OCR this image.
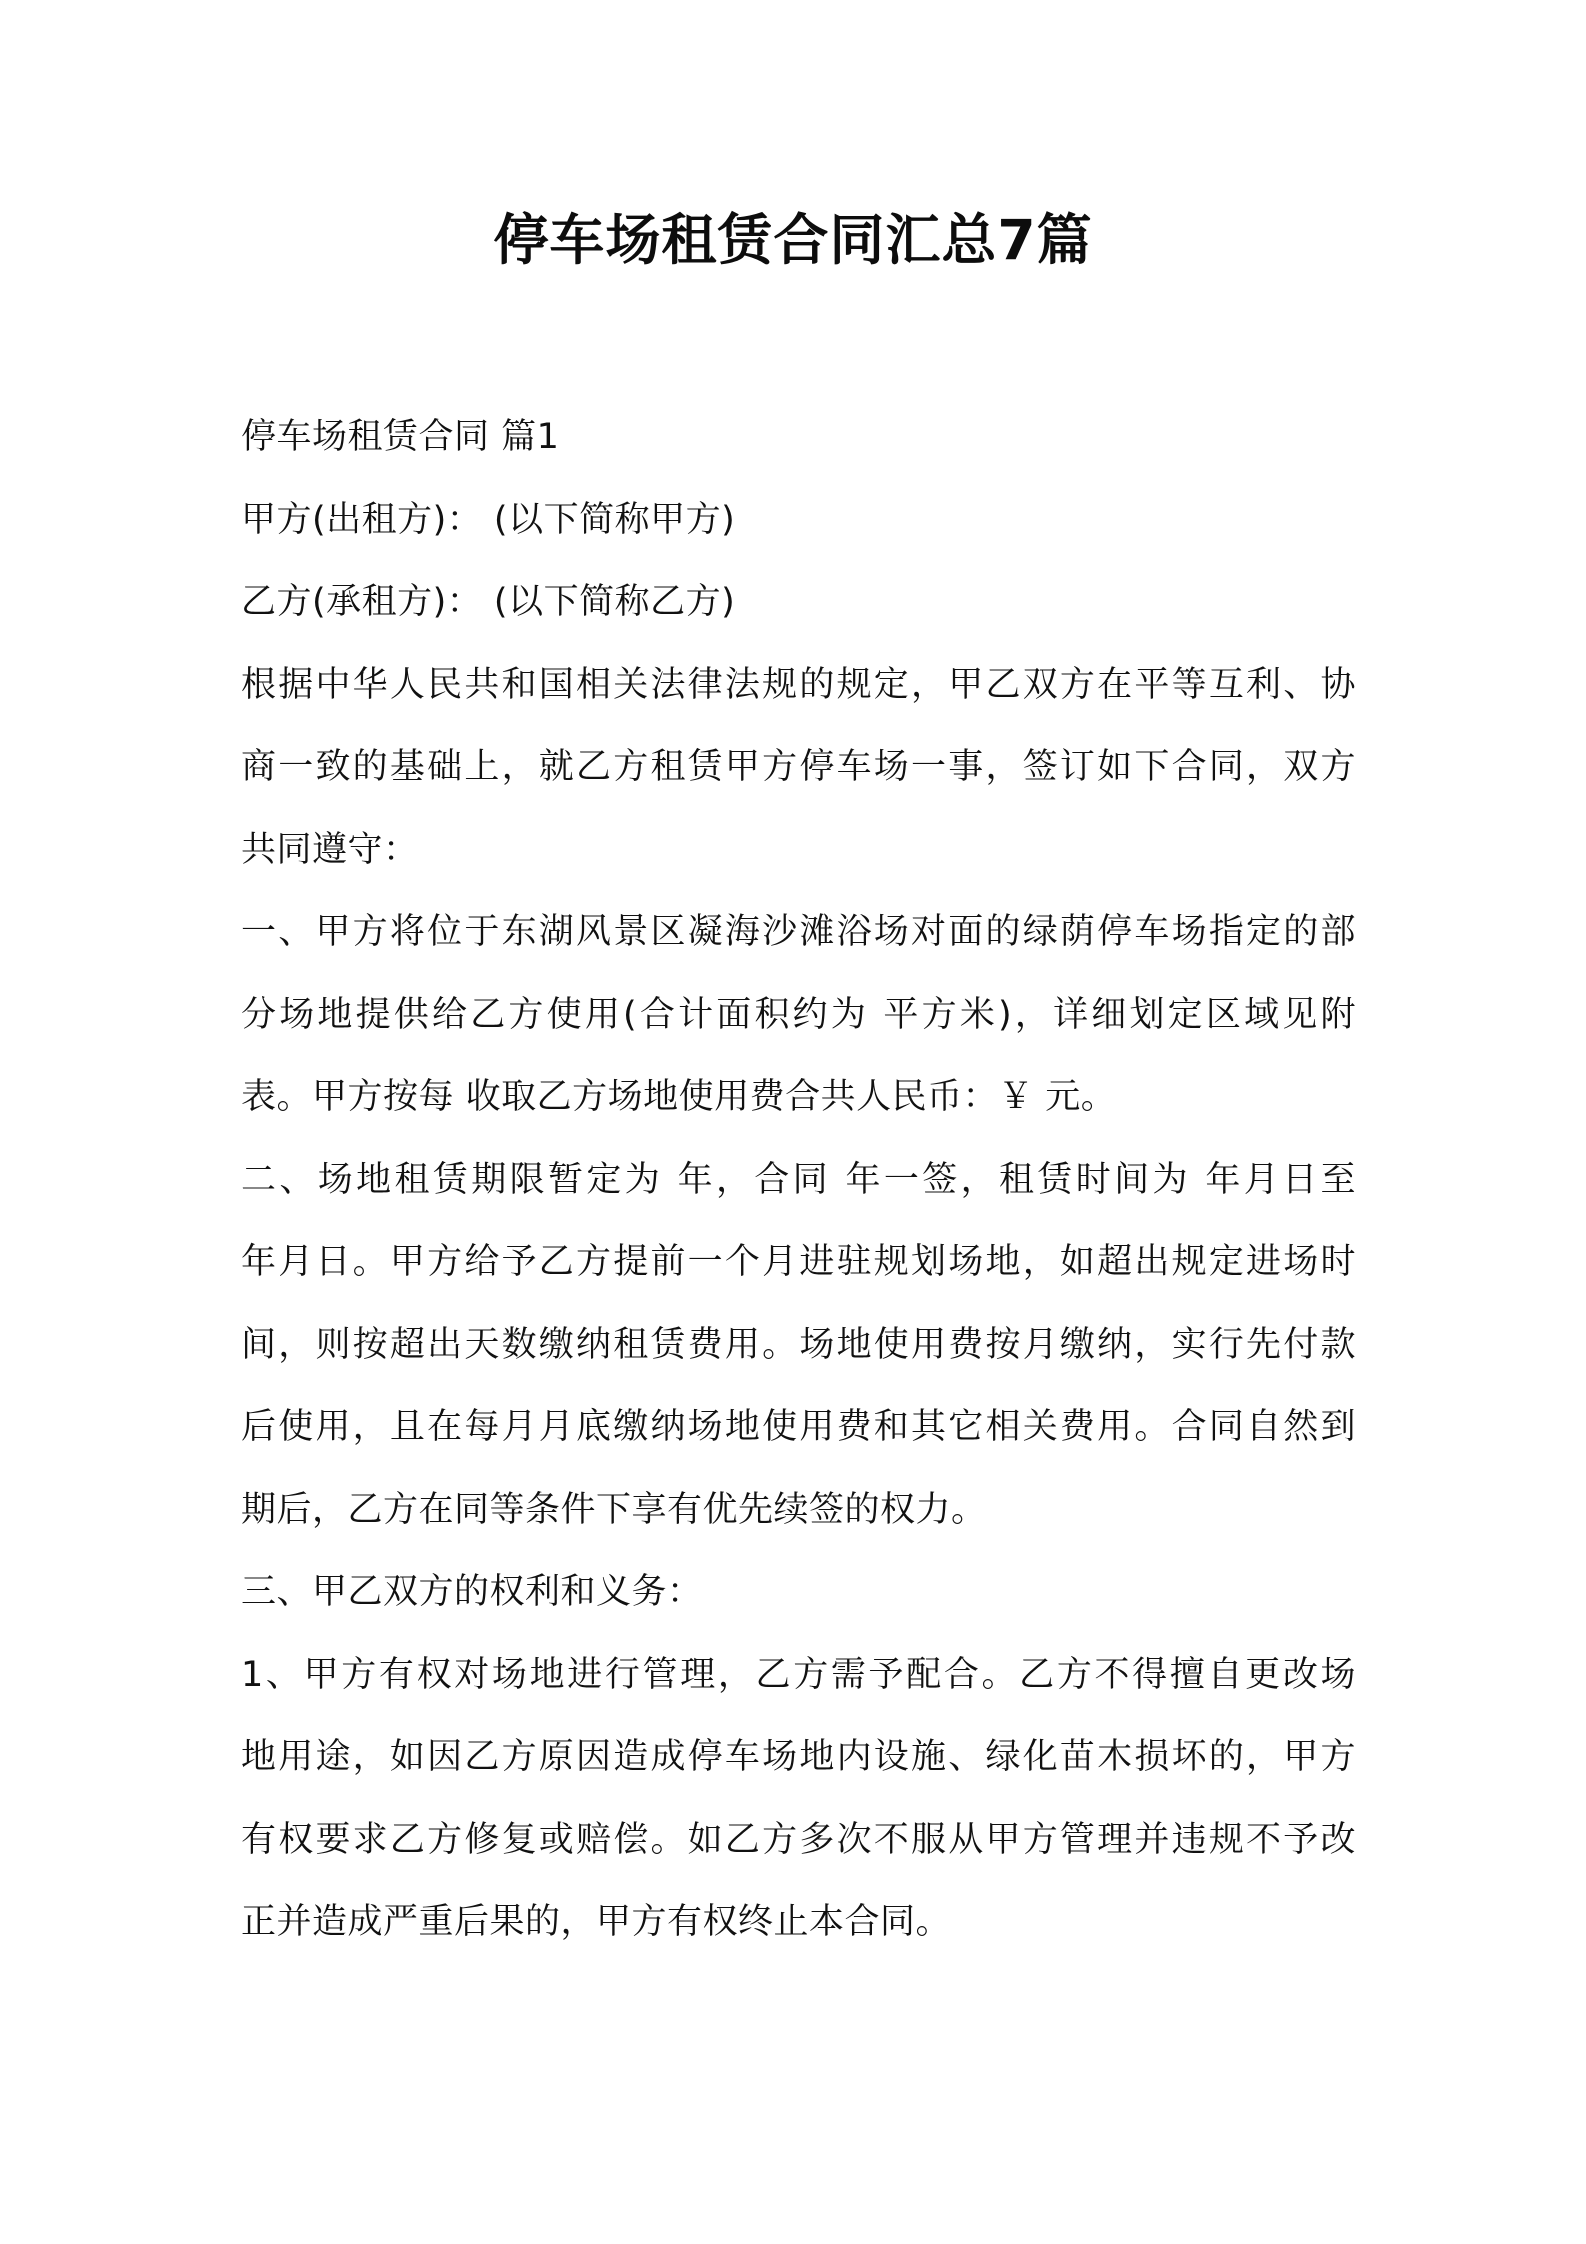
停车场租赁合同汇总7篇
停车场租赁合同 篇1
甲方(出租方)： (以下简称甲方)
乙方(承租方)： (以下简称乙方)
根据中华人民共和国相关法律法规的规定，甲乙双方在平等互利、协
商一致的基础上，就乙方租赁甲方停车场一事，签订如下合同，双方
共同遵守：
一、甲方将位于东湖风景区凝海沙滩浴场对面的绿荫停车场指定的部
分场地提供给乙方使用(合计面积约为 平方米)，详细划定区域见附
表。甲方按每 收取乙方场地使用费合共人民币：￥ 元。
二、场地租赁期限暂定为 年，合同 年一签，租赁时间为 年月日至
年月日。甲方给予乙方提前一个月进驻规划场地，如超出规定进场时
间，则按超出天数缴纳租赁费用。场地使用费按月缴纳，实行先付款
后使用，且在每月月底缴纳场地使用费和其它相关费用。合同自然到
期后，乙方在同等条件下享有优先续签的权力。
三、甲乙双方的权利和义务：
1、甲方有权对场地进行管理，乙方需予配合。乙方不得擅自更改场
地用途，如因乙方原因造成停车场地内设施、绿化苗木损坏的，甲方
有权要求乙方修复或赔偿。如乙方多次不服从甲方管理并违规不予改
正并造成严重后果的，甲方有权终止本合同。
